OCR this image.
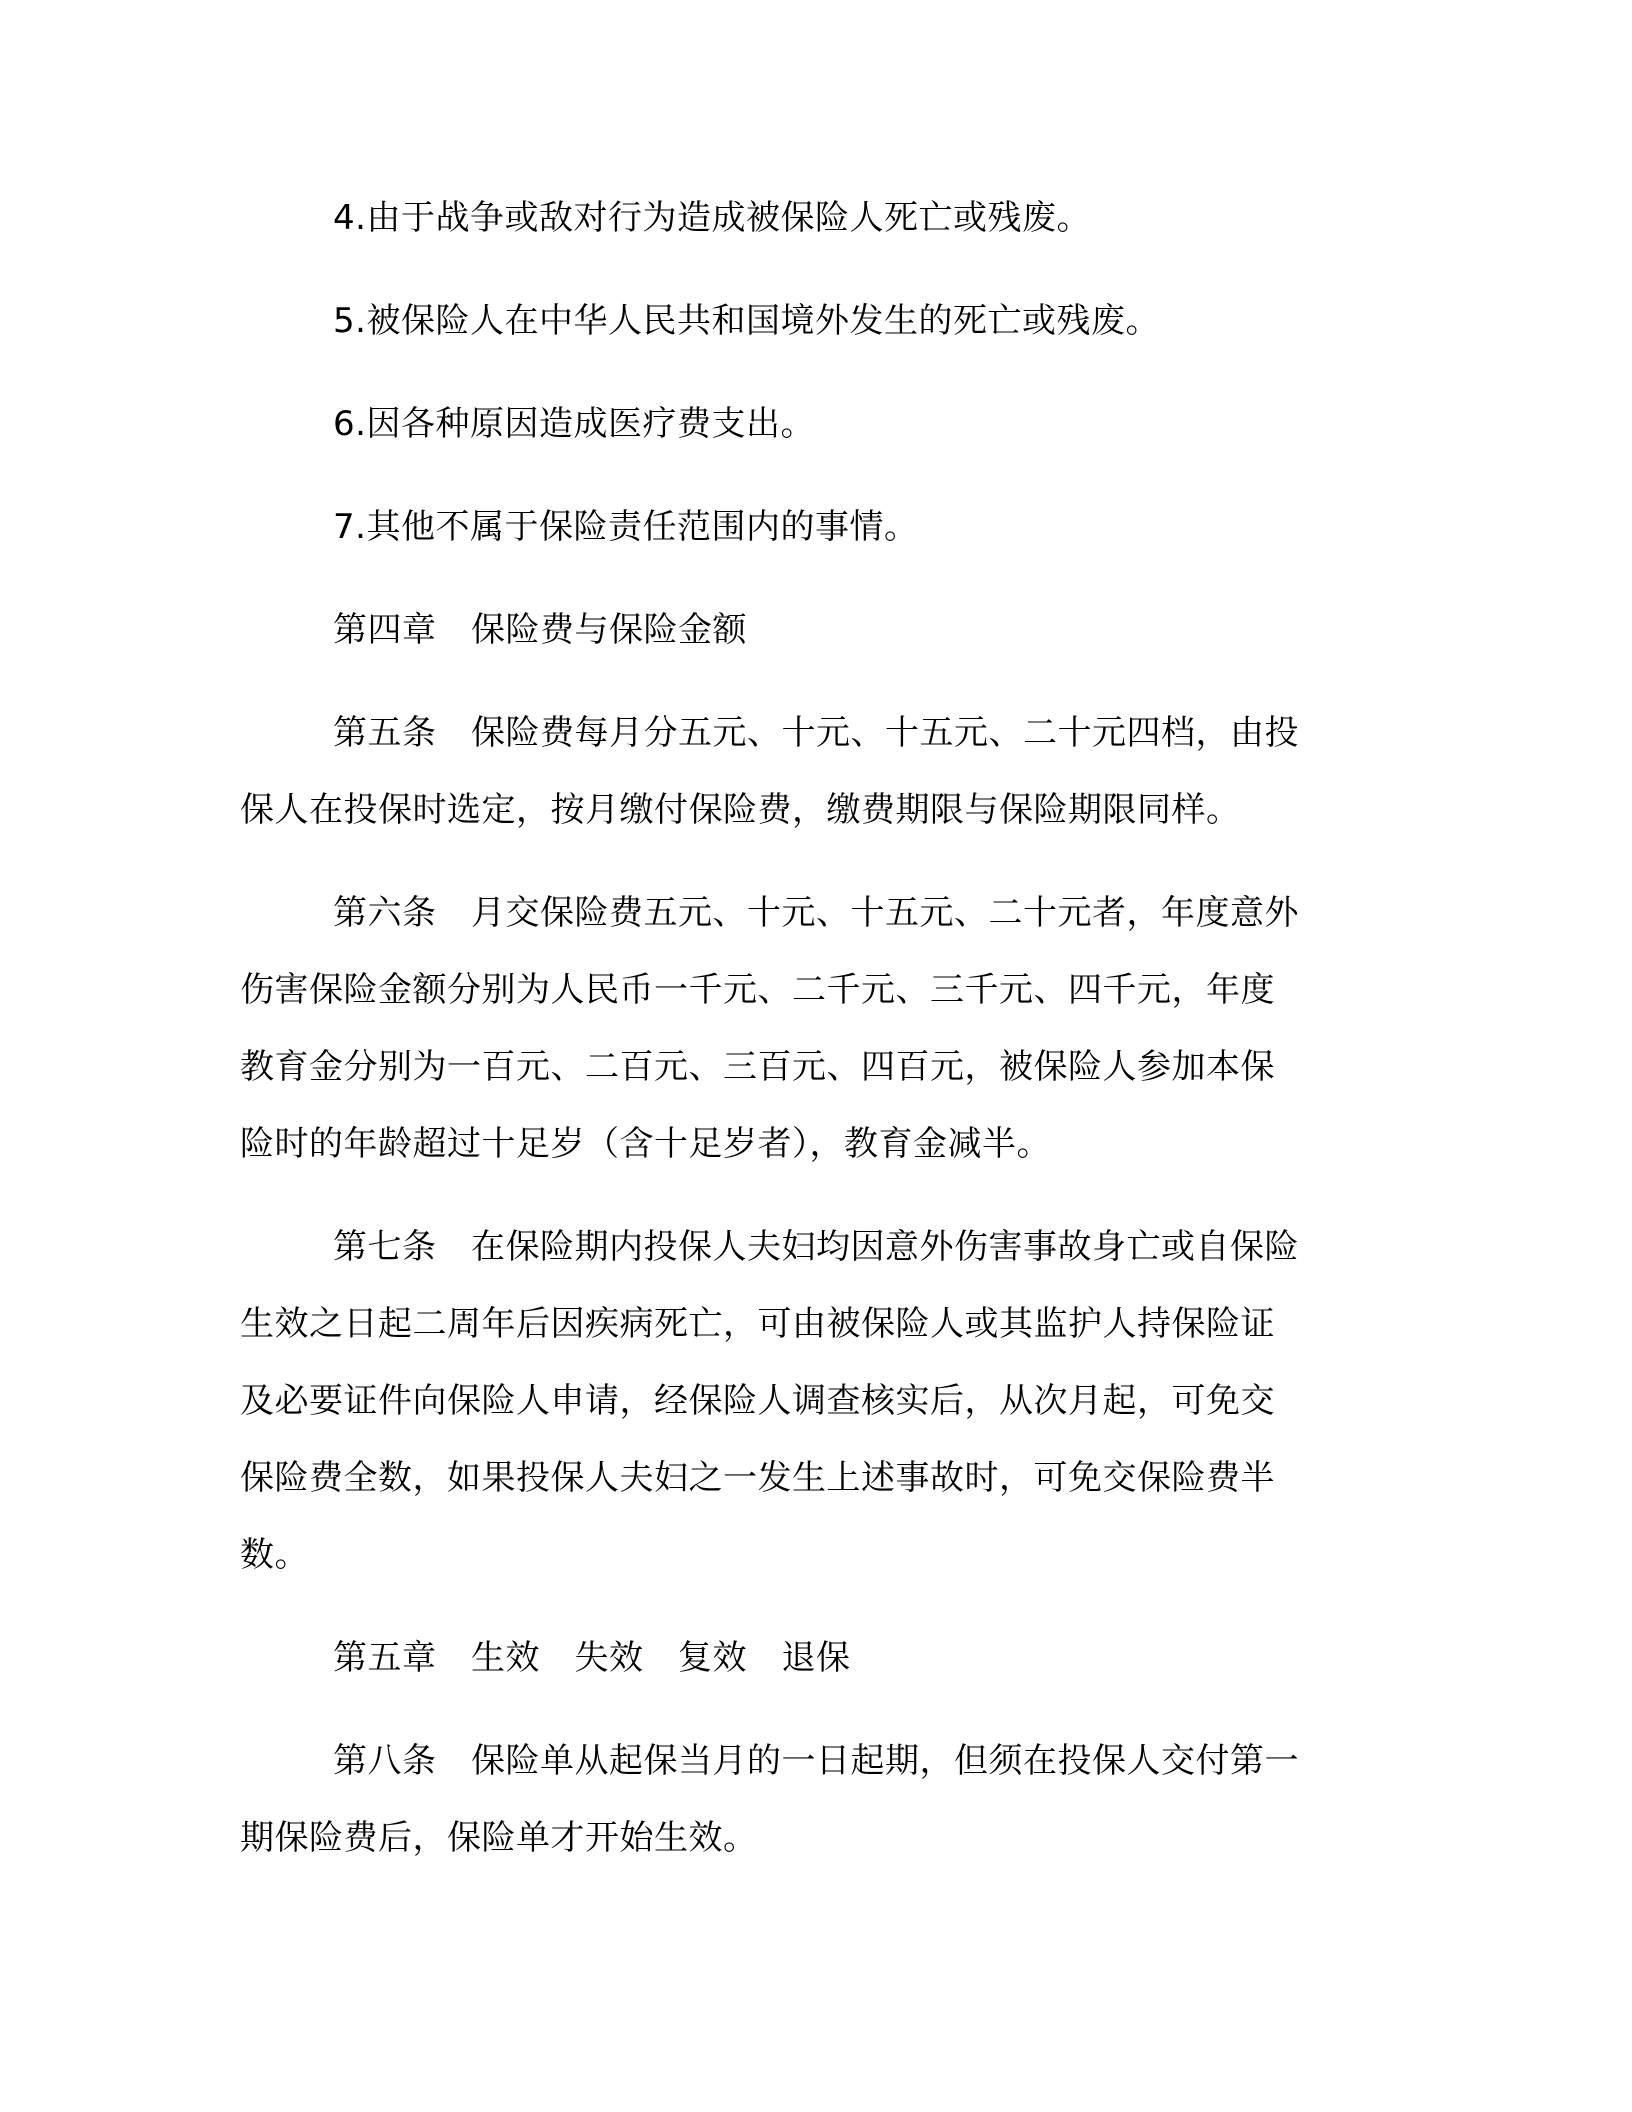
4.由于战争或敌对行为造成被保险人死亡或残废。

5.被保险人在中华人民共和国境外发生的死亡或残废。

6.因各种原因造成医疗费支出。

7.其他不属于保险责任范围内的事情。

第四章　保险费与保险金额

第五条　保险费每月分五元、十元、十五元、二十元四档，由投

保人在投保时选定，按月缴付保险费，缴费期限与保险期限同样。

第六条　月交保险费五元、十元、十五元、二十元者，年度意外

伤害保险金额分别为人民币一千元、二千元、三千元、四千元，年度

教育金分别为一百元、二百元、三百元、四百元，被保险人参加本保

险时的年龄超过十足岁（含十足岁者），教育金减半。

第七条　在保险期内投保人夫妇均因意外伤害事故身亡或自保险

生效之日起二周年后因疾病死亡，可由被保险人或其监护人持保险证

及必要证件向保险人申请，经保险人调查核实后，从次月起，可免交

保险费全数，如果投保人夫妇之一发生上述事故时，可免交保险费半

数。

第五章　生效　失效　复效　退保

第八条　保险单从起保当月的一日起期，但须在投保人交付第一

期保险费后，保险单才开始生效。
